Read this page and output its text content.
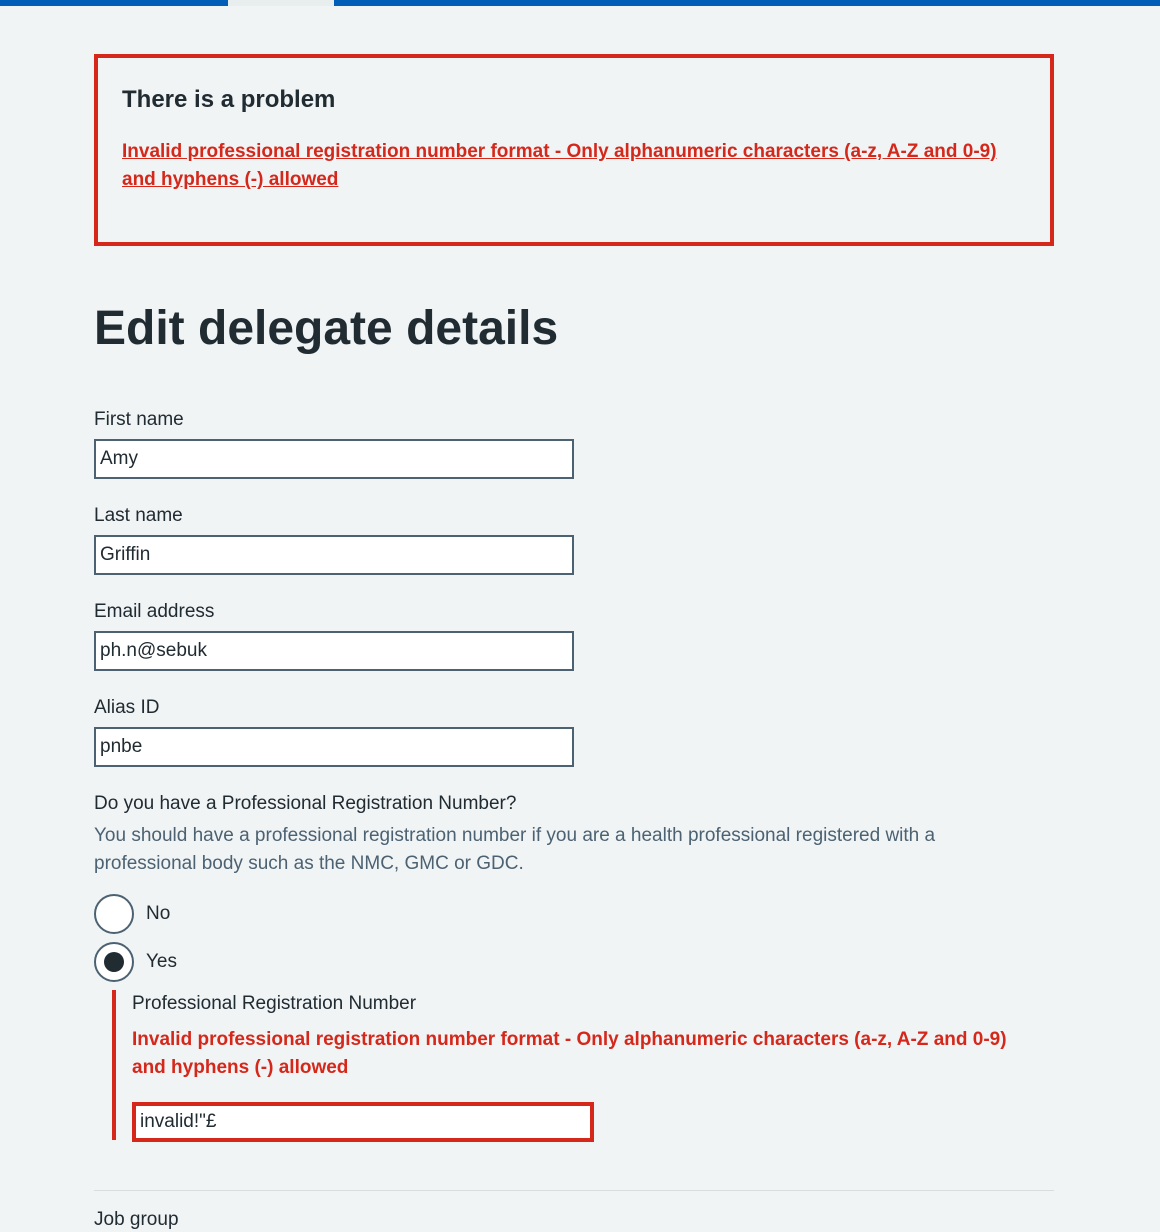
There is a problem
Invalid professional registration number format - Only alphanumeric characters (a-z, A-Z and 0-9) and hyphens (-) allowed
Edit delegate details
First name
Amy
Last name
Griffin
Email address
ph.n@sebuk
Alias ID
pnbe
Do you have a Professional Registration Number?
You should have a professional registration number if you are a health professional registered with a professional body such as the NMC, GMC or GDC.
No
Yes
Professional Registration Number
Invalid professional registration number format - Only alphanumeric characters (a-z, A-Z and 0-9) and hyphens (-) allowed
invalid!"£
Job group
